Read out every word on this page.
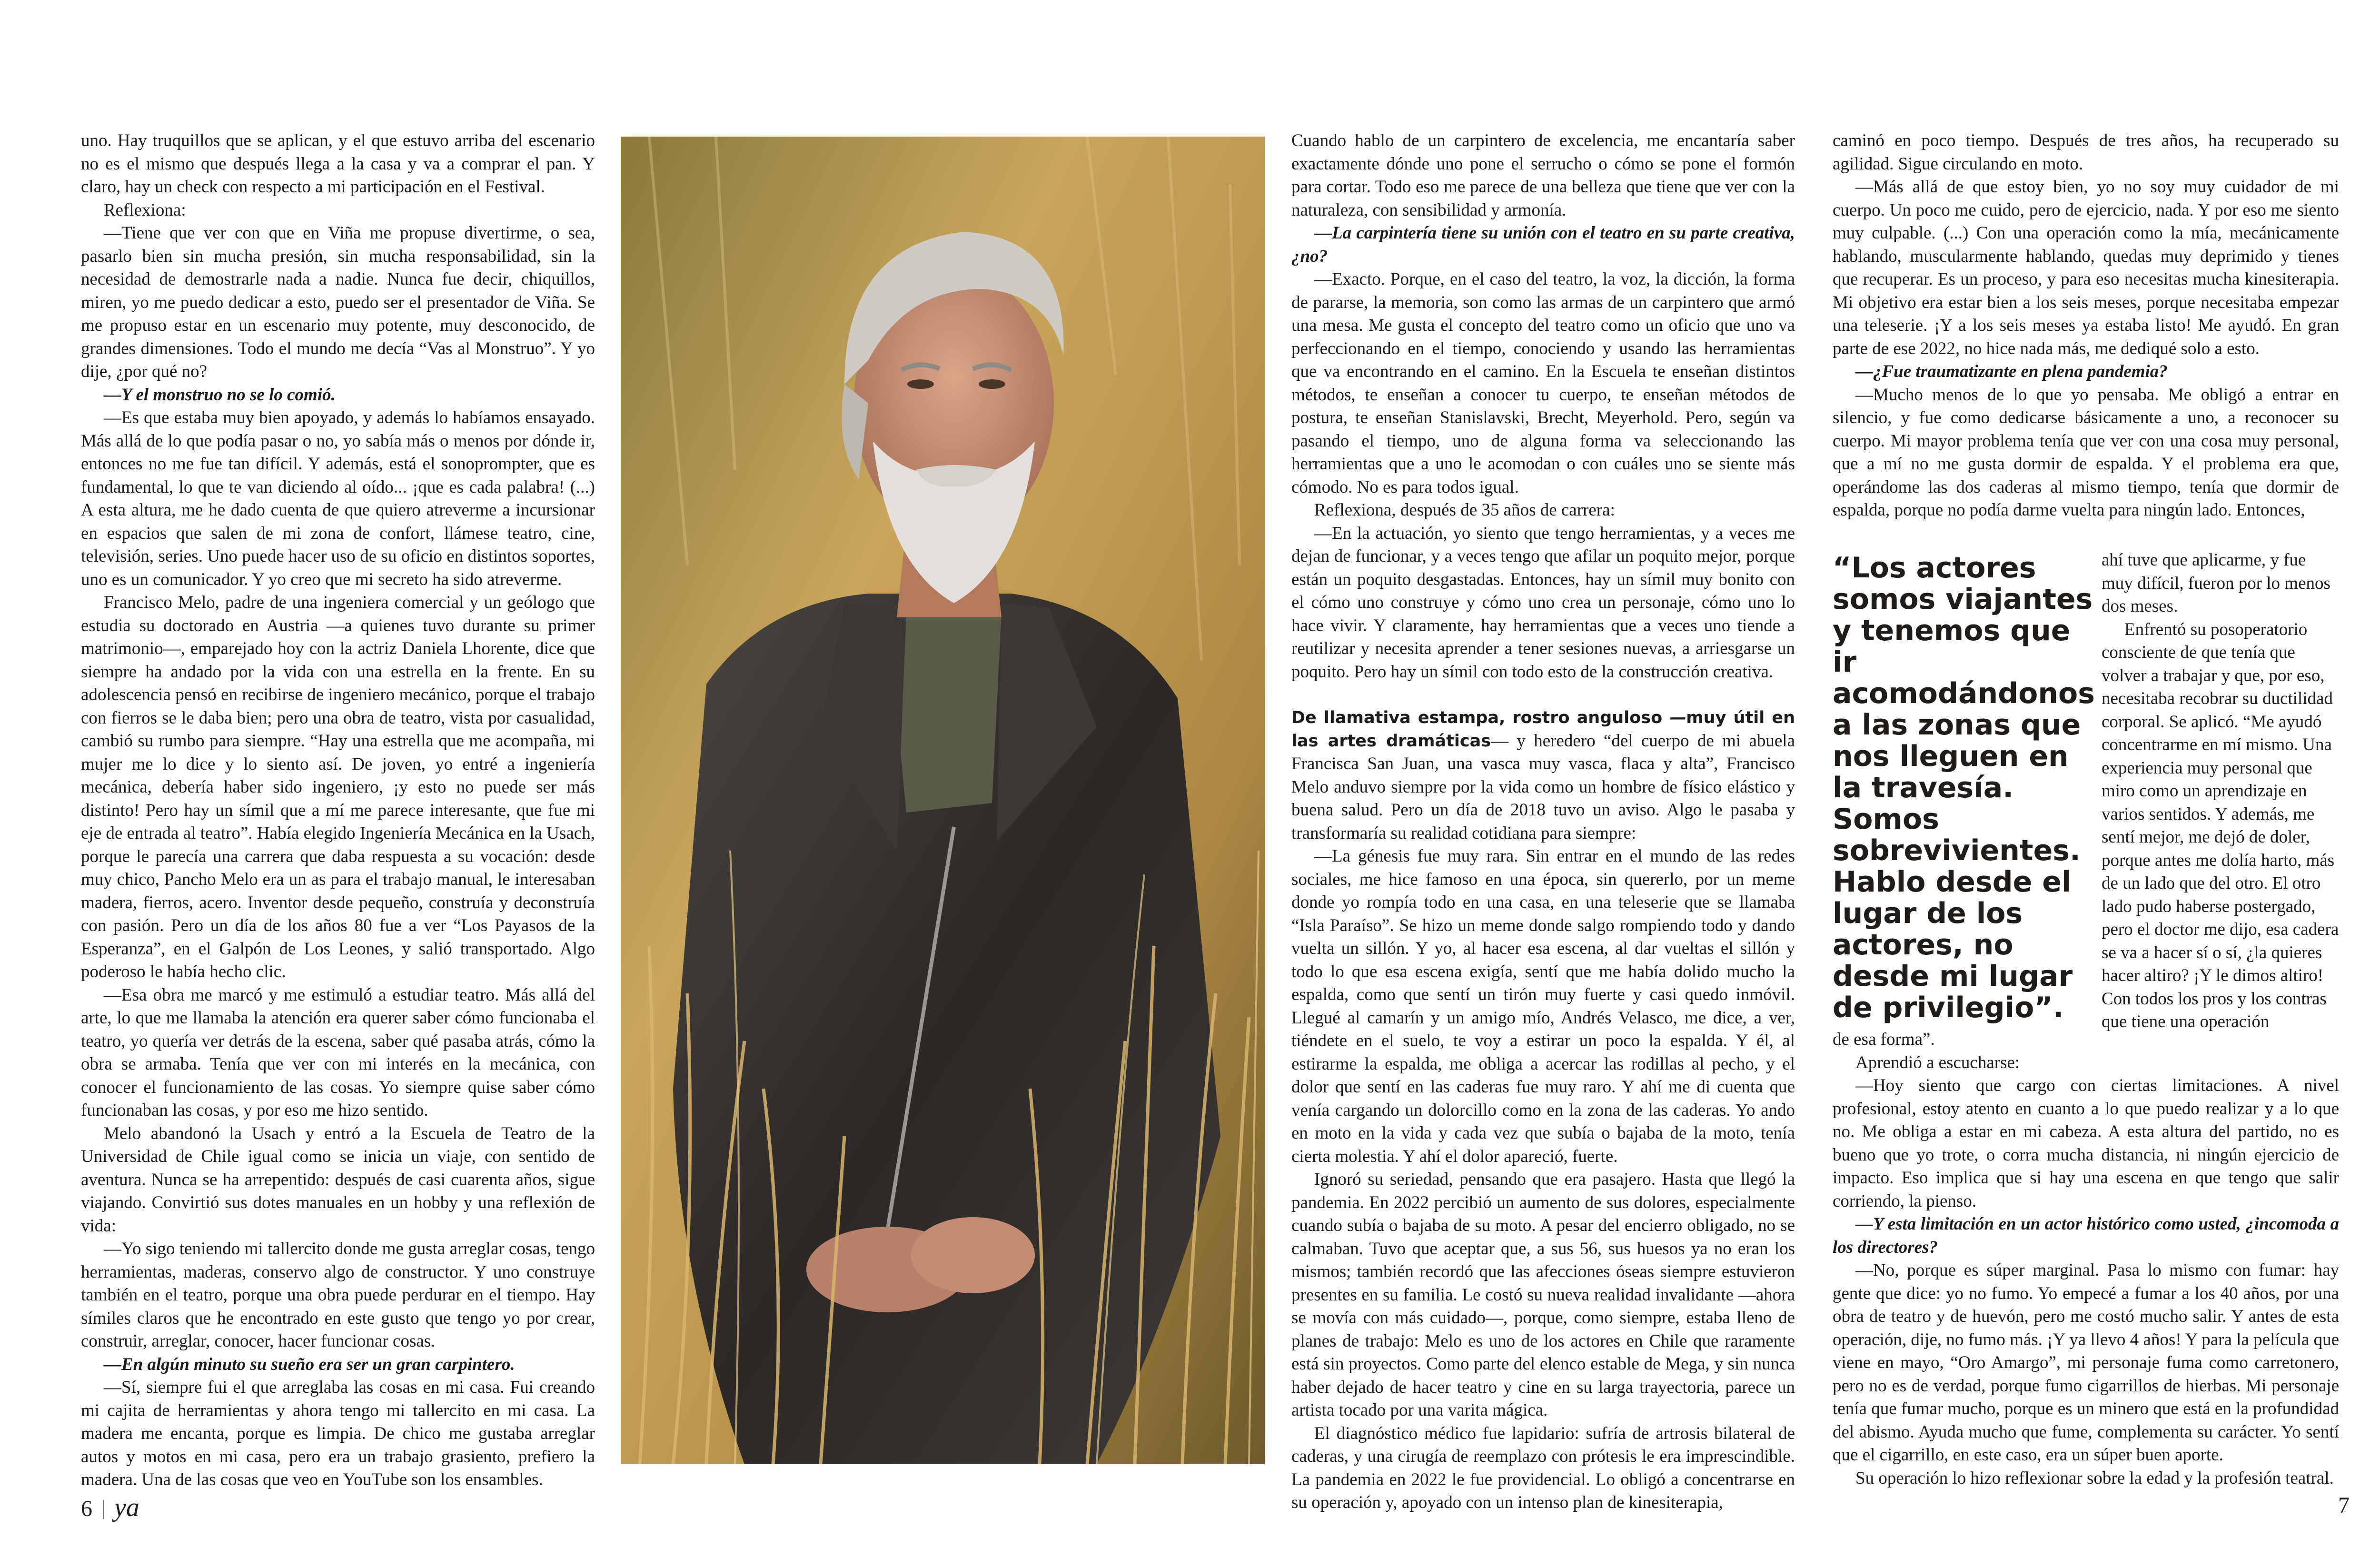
uno. Hay truquillos que se aplican, y el que estuvo arriba del escenario no es el mismo que después llega a la casa y va a comprar el pan. Y claro, hay un check con respecto a mi participación en el Festival.

Reflexiona:

—Tiene que ver con que en Viña me propuse divertirme, o sea, pasarlo bien sin mucha presión, sin mucha responsabilidad, sin la necesidad de demostrarle nada a nadie. Nunca fue decir, chiquillos, miren, yo me puedo dedicar a esto, puedo ser el presentador de Viña. Se me propuso estar en un escenario muy potente, muy desconocido, de grandes dimensiones. Todo el mundo me decía “Vas al Monstruo”. Y yo dije, ¿por qué no?

—Y el monstruo no se lo comió.

—Es que estaba muy bien apoyado, y además lo habíamos ensayado. Más allá de lo que podía pasar o no, yo sabía más o menos por dónde ir, entonces no me fue tan difícil. Y además, está el sonoprompter, que es fundamental, lo que te van diciendo al oído... ¡que es cada palabra! (...) A esta altura, me he dado cuenta de que quiero atreverme a incursionar en espacios que salen de mi zona de confort, llámese teatro, cine, televisión, series. Uno puede hacer uso de su oficio en distintos soportes, uno es un comunicador. Y yo creo que mi secreto ha sido atreverme.

Francisco Melo, padre de una ingeniera comercial y un geólogo que estudia su doctorado en Austria —a quienes tuvo durante su primer matrimonio—, emparejado hoy con la actriz Daniela Lhorente, dice que siempre ha andado por la vida con una estrella en la frente. En su adolescencia pensó en recibirse de ingeniero mecánico, porque el trabajo con fierros se le daba bien; pero una obra de teatro, vista por casualidad, cambió su rumbo para siempre. “Hay una estrella que me acompaña, mi mujer me lo dice y lo siento así. De joven, yo entré a ingeniería mecánica, debería haber sido ingeniero, ¡y esto no puede ser más distinto! Pero hay un símil que a mí me parece interesante, que fue mi eje de entrada al teatro”. Había elegido Ingeniería Mecánica en la Usach, porque le parecía una carrera que daba respuesta a su vocación: desde muy chico, Pancho Melo era un as para el trabajo manual, le interesaban madera, fierros, acero. Inventor desde pequeño, construía y deconstruía con pasión. Pero un día de los años 80 fue a ver “Los Payasos de la Esperanza”, en el Galpón de Los Leones, y salió transportado. Algo poderoso le había hecho clic.

—Esa obra me marcó y me estimuló a estudiar teatro. Más allá del arte, lo que me llamaba la atención era querer saber cómo funcionaba el teatro, yo quería ver detrás de la escena, saber qué pasaba atrás, cómo la obra se armaba. Tenía que ver con mi interés en la mecánica, con conocer el funcionamiento de las cosas. Yo siempre quise saber cómo funcionaban las cosas, y por eso me hizo sentido.

Melo abandonó la Usach y entró a la Escuela de Teatro de la Universidad de Chile igual como se inicia un viaje, con sentido de aventura. Nunca se ha arrepentido: después de casi cuarenta años, sigue viajando. Convirtió sus dotes manuales en un hobby y una reflexión de vida:

—Yo sigo teniendo mi tallercito donde me gusta arreglar cosas, tengo herramientas, maderas, conservo algo de constructor. Y uno construye también en el teatro, porque una obra puede perdurar en el tiempo. Hay símiles claros que he encontrado en este gusto que tengo yo por crear, construir, arreglar, conocer, hacer funcionar cosas.

—En algún minuto su sueño era ser un gran carpintero.

—Sí, siempre fui el que arreglaba las cosas en mi casa. Fui creando mi cajita de herramientas y ahora tengo mi tallercito en mi casa. La madera me encanta, porque es limpia. De chico me gustaba arreglar autos y motos en mi casa, pero era un trabajo grasiento, prefiero la madera. Una de las cosas que veo en YouTube son los ensambles.

Cuando hablo de un carpintero de excelencia, me encantaría saber exactamente dónde uno pone el serrucho o cómo se pone el formón para cortar. Todo eso me parece de una belleza que tiene que ver con la naturaleza, con sensibilidad y armonía.

—La carpintería tiene su unión con el teatro en su parte creativa, ¿no?

—Exacto. Porque, en el caso del teatro, la voz, la dicción, la forma de pararse, la memoria, son como las armas de un carpintero que armó una mesa. Me gusta el concepto del teatro como un oficio que uno va perfeccionando en el tiempo, conociendo y usando las herramientas que va encontrando en el camino. En la Escuela te enseñan distintos métodos, te enseñan a conocer tu cuerpo, te enseñan métodos de postura, te enseñan Stanislavski, Brecht, Meyerhold. Pero, según va pasando el tiempo, uno de alguna forma va seleccionando las herramientas que a uno le acomodan o con cuáles uno se siente más cómodo. No es para todos igual.

Reflexiona, después de 35 años de carrera:

—En la actuación, yo siento que tengo herramientas, y a veces me dejan de funcionar, y a veces tengo que afilar un poquito mejor, porque están un poquito desgastadas. Entonces, hay un símil muy bonito con el cómo uno construye y cómo uno crea un personaje, cómo uno lo hace vivir. Y claramente, hay herramientas que a veces uno tiende a reutilizar y necesita aprender a tener sesiones nuevas, a arriesgarse un poquito. Pero hay un símil con todo esto de la construcción creativa.

De llamativa estampa, rostro anguloso —muy útil en las artes dramáticas— y heredero “del cuerpo de mi abuela Francisca San Juan, una vasca muy vasca, flaca y alta”, Francisco Melo anduvo siempre por la vida como un hombre de físico elástico y buena salud. Pero un día de 2018 tuvo un aviso. Algo le pasaba y transformaría su realidad cotidiana para siempre:

—La génesis fue muy rara. Sin entrar en el mundo de las redes sociales, me hice famoso en una época, sin quererlo, por un meme donde yo rompía todo en una casa, en una teleserie que se llamaba “Isla Paraíso”. Se hizo un meme donde salgo rompiendo todo y dando vuelta un sillón. Y yo, al hacer esa escena, al dar vueltas el sillón y todo lo que esa escena exigía, sentí que me había dolido mucho la espalda, como que sentí un tirón muy fuerte y casi quedo inmóvil. Llegué al camarín y un amigo mío, Andrés Velasco, me dice, a ver, tiéndete en el suelo, te voy a estirar un poco la espalda. Y él, al estirarme la espalda, me obliga a acercar las rodillas al pecho, y el dolor que sentí en las caderas fue muy raro. Y ahí me di cuenta que venía cargando un dolorcillo como en la zona de las caderas. Yo ando en moto en la vida y cada vez que subía o bajaba de la moto, tenía cierta molestia. Y ahí el dolor apareció, fuerte.

Ignoró su seriedad, pensando que era pasajero. Hasta que llegó la pandemia. En 2022 percibió un aumento de sus dolores, especialmente cuando subía o bajaba de su moto. A pesar del encierro obligado, no se calmaban. Tuvo que aceptar que, a sus 56, sus huesos ya no eran los mismos; también recordó que las afecciones óseas siempre estuvieron presentes en su familia. Le costó su nueva realidad invalidante —ahora se movía con más cuidado—, porque, como siempre, estaba lleno de planes de trabajo: Melo es uno de los actores en Chile que raramente está sin proyectos. Como parte del elenco estable de Mega, y sin nunca haber dejado de hacer teatro y cine en su larga trayectoria, parece un artista tocado por una varita mágica.

El diagnóstico médico fue lapidario: sufría de artrosis bilateral de caderas, y una cirugía de reemplazo con prótesis le era imprescindible. La pandemia en 2022 le fue providencial. Lo obligó a concentrarse en su operación y, apoyado con un intenso plan de kinesiterapia,

caminó en poco tiempo. Después de tres años, ha recuperado su agilidad. Sigue circulando en moto.

—Más allá de que estoy bien, yo no soy muy cuidador de mi cuerpo. Un poco me cuido, pero de ejercicio, nada. Y por eso me siento muy culpable. (...) Con una operación como la mía, mecánicamente hablando, muscularmente hablando, quedas muy deprimido y tienes que recuperar. Es un proceso, y para eso necesitas mucha kinesiterapia. Mi objetivo era estar bien a los seis meses, porque necesitaba empezar una teleserie. ¡Y a los seis meses ya estaba listo! Me ayudó. En gran parte de ese 2022, no hice nada más, me dediqué solo a esto.

—¿Fue traumatizante en plena pandemia?

—Mucho menos de lo que yo pensaba. Me obligó a entrar en silencio, y fue como dedicarse básicamente a uno, a reconocer su cuerpo. Mi mayor problema tenía que ver con una cosa muy personal, que a mí no me gusta dormir de espalda. Y el problema era que, operándome las dos caderas al mismo tiempo, tenía que dormir de espalda, porque no podía darme vuelta para ningún lado. Entonces,

“Los actores somos viajantes y tenemos que ir acomodándonos a las zonas que nos lleguen en la travesía. Somos sobrevivientes. Hablo desde el lugar de los actores, no desde mi lugar de privilegio”.

ahí tuve que aplicarme, y fue muy difícil, fueron por lo menos dos meses.

Enfrentó su posoperatorio consciente de que tenía que volver a trabajar y que, por eso, necesitaba recobrar su ductilidad corporal. Se aplicó. “Me ayudó concentrarme en mí mismo. Una experiencia muy personal que miro como un aprendizaje en varios sentidos. Y además, me sentí mejor, me dejó de doler, porque antes me dolía harto, más de un lado que del otro. El otro lado pudo haberse postergado, pero el doctor me dijo, esa cadera se va a hacer sí o sí, ¿la quieres hacer altiro? ¡Y le dimos altiro! Con todos los pros y los contras que tiene una operación

de esa forma”.

Aprendió a escucharse:

—Hoy siento que cargo con ciertas limitaciones. A nivel profesional, estoy atento en cuanto a lo que puedo realizar y a lo que no. Me obliga a estar en mi cabeza. A esta altura del partido, no es bueno que yo trote, o corra mucha distancia, ni ningún ejercicio de impacto. Eso implica que si hay una escena en que tengo que salir corriendo, la pienso.

—Y esta limitación en un actor histórico como usted, ¿incomoda a los directores?

—No, porque es súper marginal. Pasa lo mismo con fumar: hay gente que dice: yo no fumo. Yo empecé a fumar a los 40 años, por una obra de teatro y de huevón, pero me costó mucho salir. Y antes de esta operación, dije, no fumo más. ¡Y ya llevo 4 años! Y para la película que viene en mayo, “Oro Amargo”, mi personaje fuma como carretonero, pero no es de verdad, porque fumo cigarrillos de hierbas. Mi personaje tenía que fumar mucho, porque es un minero que está en la profundidad del abismo. Ayuda mucho que fume, complementa su carácter. Yo sentí que el cigarrillo, en este caso, era un súper buen aporte.

Su operación lo hizo reflexionar sobre la edad y la profesión teatral.

6 ya	7
